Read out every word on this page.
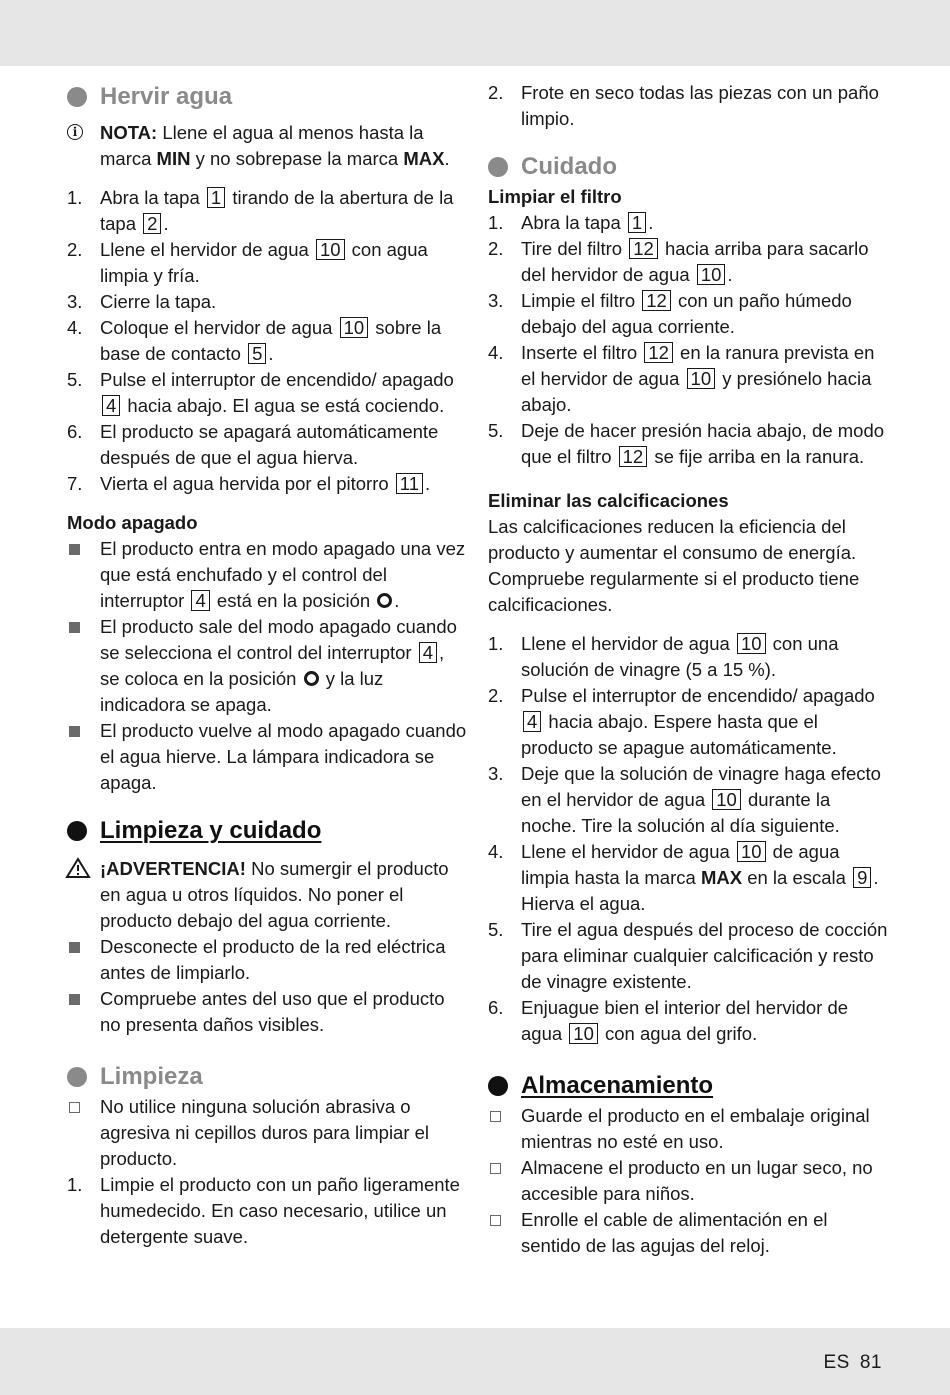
Hervir agua
i	NOTA: Llene el agua al menos hasta la marca MIN y no sobrepase la marca MAX.
1. Abra la tapa 1 tirando de la abertura de la tapa 2 .
2. Llene el hervidor de agua 10 con agua limpia y fría.
3. Cierre la tapa.
4. Coloque el hervidor de agua 10 sobre la base de contacto 5 .
5. Pulse el interruptor de encendido/ apagado 4 hacia abajo. El agua se está cociendo.
6. El producto se apagará automáticamente después de que el agua hierva.
7. Vierta el agua hervida por el pitorro 11 .

Modo apagado

El producto entra en modo apagado una vez que está enchufado y el control del interruptor 4 está en la posición .
El producto sale del modo apagado cuando se selecciona el control del interruptor 4 , se coloca en la posición  y la luz indicadora se apaga.
El producto vuelve al modo apagado cuando el agua hierve. La lámpara indicadora se apaga.
Limpieza y cuidado
¡ADVERTENCIA! No sumergir el producto en agua u otros líquidos. No poner el producto debajo del agua corriente.
Desconecte el producto de la red eléctrica antes de limpiarlo.
Compruebe antes del uso que el producto no presenta daños visibles.
Limpieza
No utilice ninguna solución abrasiva o agresiva ni cepillos duros para limpiar el producto.
1. Limpie el producto con un paño ligeramente humedecido. En caso necesario, utilice un detergente suave.
2. Frote en seco todas las piezas con un paño limpio.
Cuidado

Limpiar el filtro

1. Abra la tapa 1 .
2. Tire del filtro 12 hacia arriba para sacarlo del hervidor de agua 10 .
3. Limpie el filtro 12 con un paño húmedo debajo del agua corriente.
4. Inserte el filtro 12 en la ranura prevista en el hervidor de agua 10 y presiónelo hacia abajo.
5. Deje de hacer presión hacia abajo, de modo que el filtro 12 se fije arriba en la ranura.

Eliminar las calcificaciones

Las calcificaciones reducen la eficiencia del producto y aumentar el consumo de energía. Compruebe regularmente si el producto tiene calcificaciones.

1. Llene el hervidor de agua 10 con una solución de vinagre (5 a 15 %).
2. Pulse el interruptor de encendido/ apagado 4 hacia abajo. Espere hasta que el producto se apague automáticamente.
3. Deje que la solución de vinagre haga efecto en el hervidor de agua 10 durante la noche. Tire la solución al día siguiente.
4. Llene el hervidor de agua 10 de agua limpia hasta la marca MAX en la escala 9 . Hierva el agua.
5. Tire el agua después del proceso de cocción para eliminar cualquier calcificación y resto de vinagre existente.
6. Enjuague bien el interior del hervidor de agua 10 con agua del grifo.
Almacenamiento
Guarde el producto en el embalaje original mientras no esté en uso.
Almacene el producto en un lugar seco, no accesible para niños.
Enrolle el cable de alimentación en el sentido de las agujas del reloj.
ES 81
